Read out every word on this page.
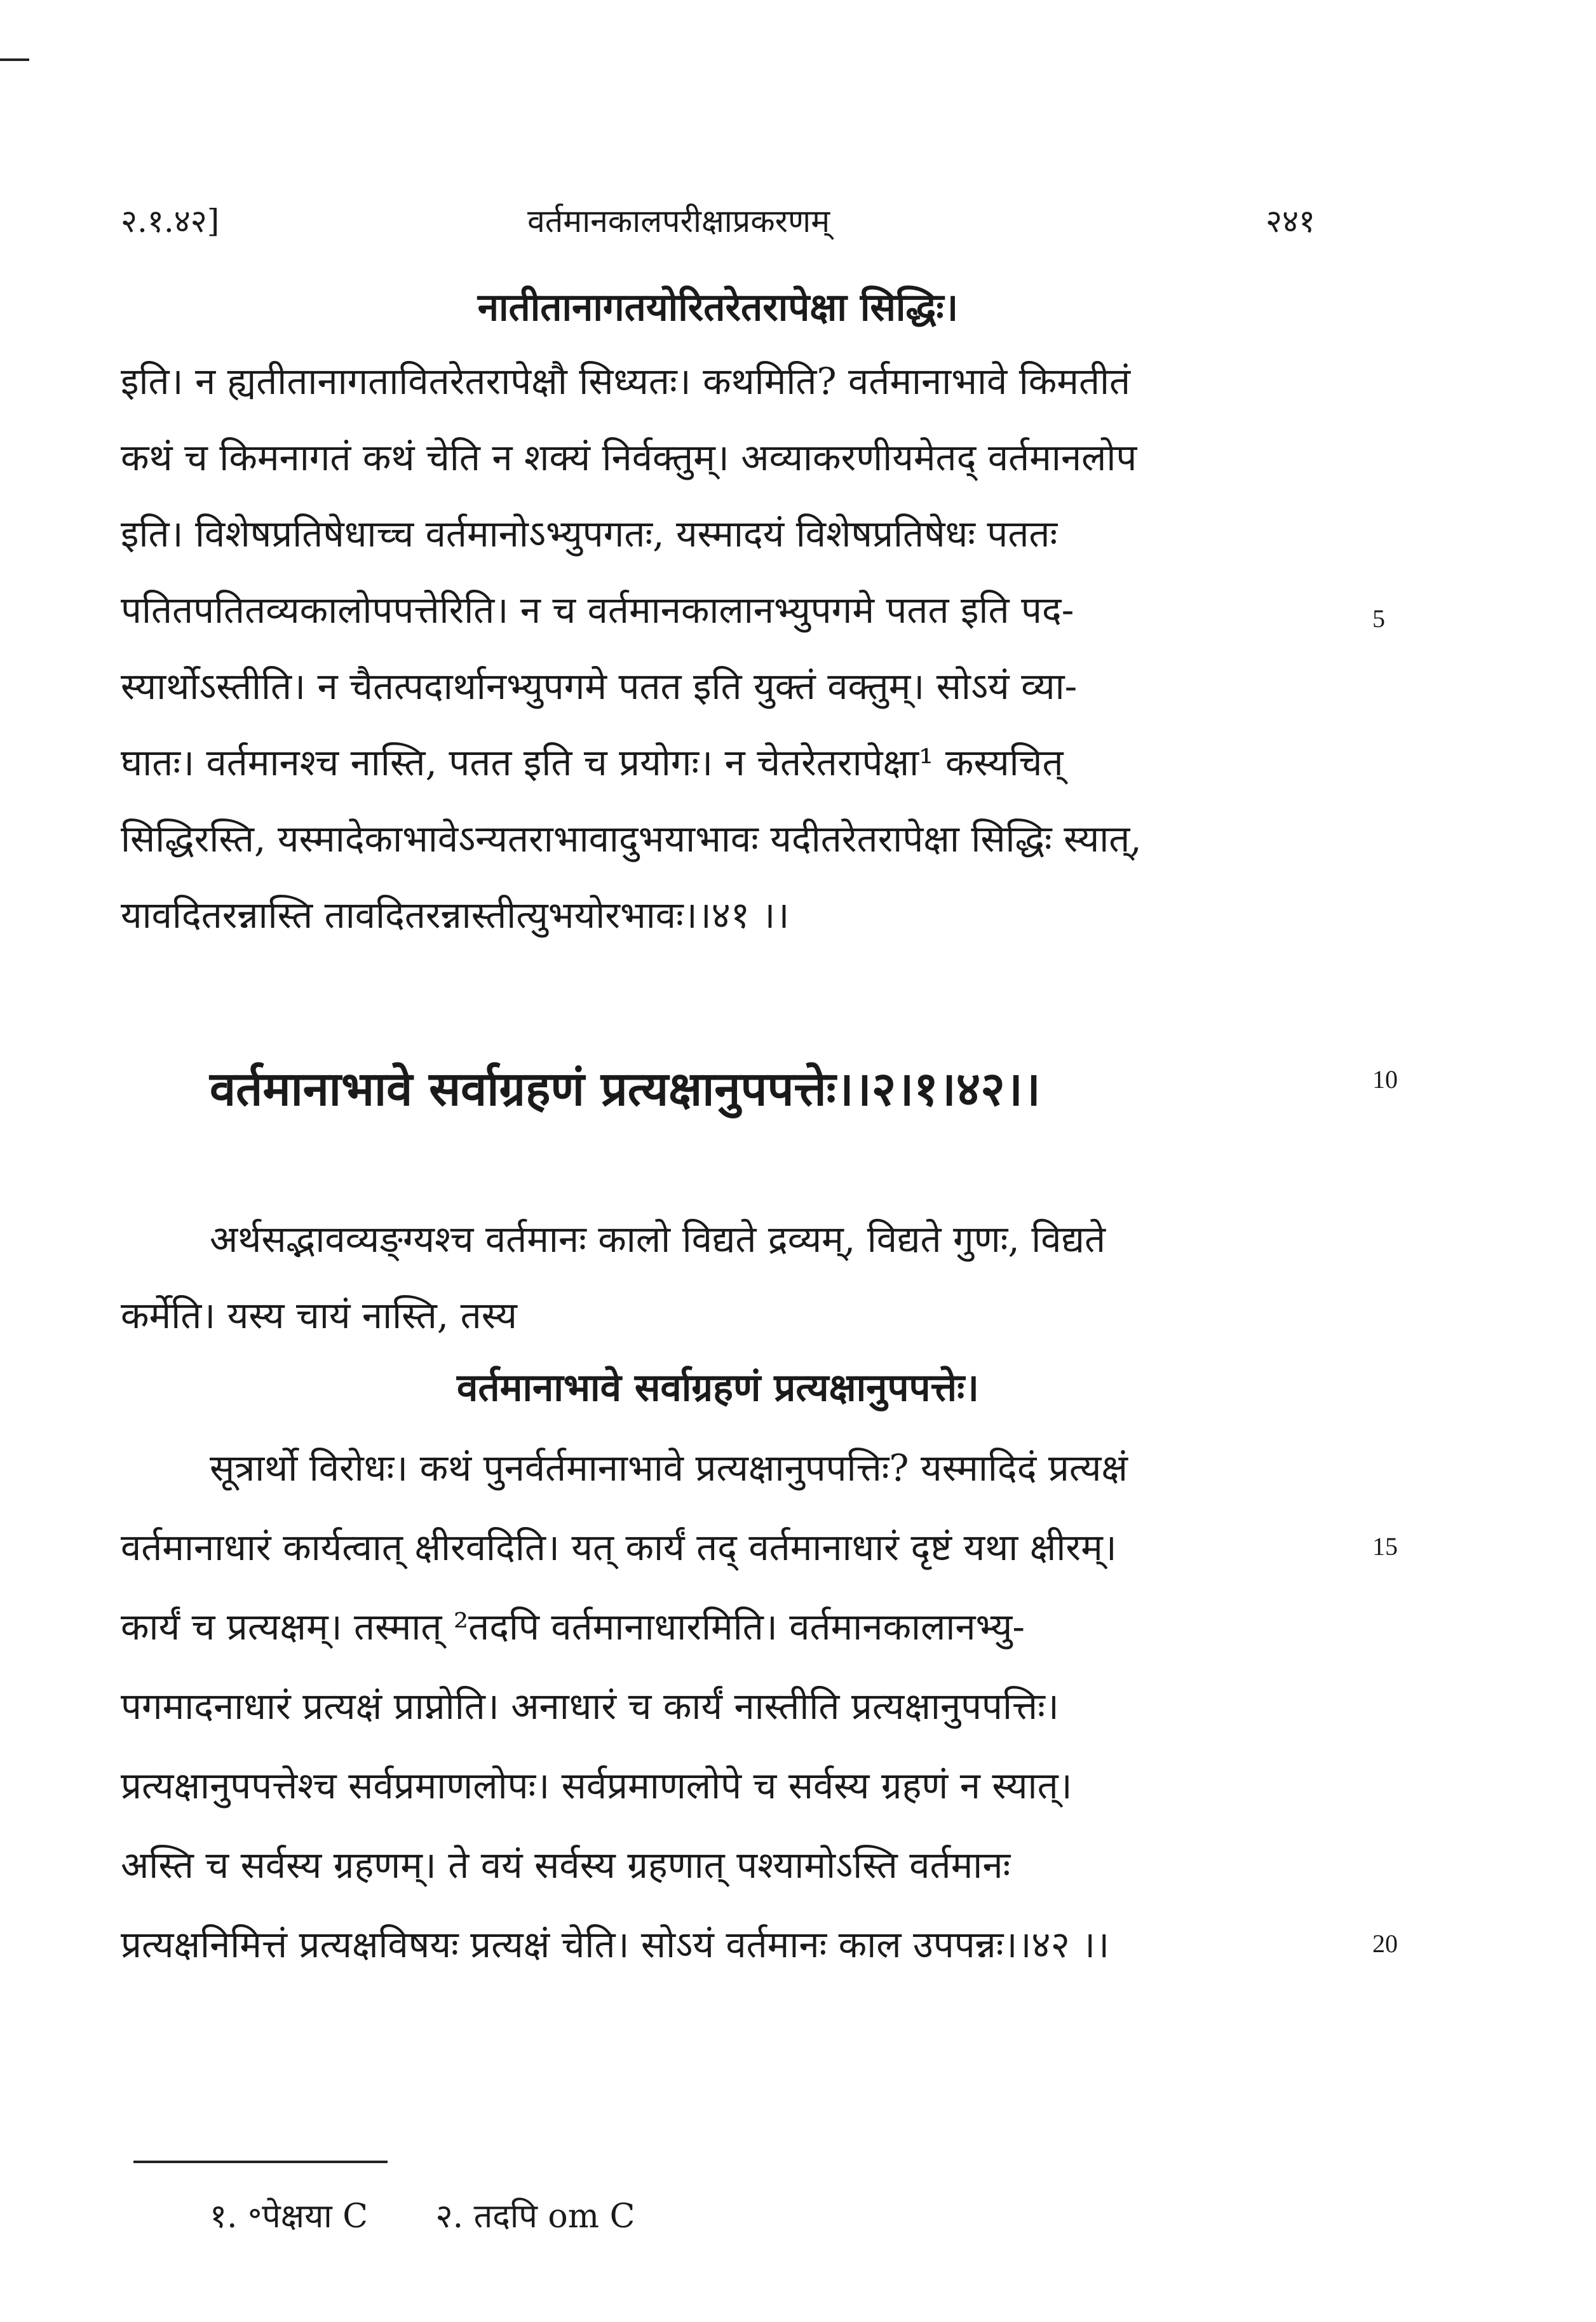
२.१.४२]	वर्तमानकालपरीक्षाप्रकरणम्	२४१
नातीतानागतयोरितरेतरापेक्षा सिद्धिः।
इति। न ह्यतीतानागतावितरेतरापेक्षौ सिध्यतः। कथमिति? वर्तमानाभावे किमतीतं
कथं च किमनागतं कथं चेति न शक्यं निर्वक्तुम्। अव्याकरणीयमेतद् वर्तमानलोप
इति। विशेषप्रतिषेधाच्च वर्तमानोऽभ्युपगतः, यस्मादयं विशेषप्रतिषेधः पततः
पतितपतितव्यकालोपपत्तेरिति। न च वर्तमानकालानभ्युपगमे पतत इति पद-
स्यार्थोऽस्तीति। न चैतत्पदार्थानभ्युपगमे पतत इति युक्तं वक्तुम्। सोऽयं व्या-
घातः। वर्तमानश्च नास्ति, पतत इति च प्रयोगः। न चेतरेतरापेक्षा¹ कस्यचित्
सिद्धिरस्ति, यस्मादेकाभावेऽन्यतराभावादुभयाभावः यदीतरेतरापेक्षा सिद्धिः स्यात्,
यावदितरन्नास्ति तावदितरन्नास्तीत्युभयोरभावः।।४१ ।।
वर्तमानाभावे सर्वाग्रहणं प्रत्यक्षानुपपत्तेः।।२।१।४२।।
अर्थसद्भावव्यङ्ग्यश्च वर्तमानः कालो विद्यते द्रव्यम्, विद्यते गुणः, विद्यते
कर्मेति। यस्य चायं नास्ति, तस्य
वर्तमानाभावे सर्वाग्रहणं प्रत्यक्षानुपपत्तेः।
सूत्रार्थो विरोधः। कथं पुनर्वर्तमानाभावे प्रत्यक्षानुपपत्तिः? यस्मादिदं प्रत्यक्षं
वर्तमानाधारं कार्यत्वात् क्षीरवदिति। यत् कार्यं तद् वर्तमानाधारं दृष्टं यथा क्षीरम्।
कार्यं च प्रत्यक्षम्। तस्मात् ²तदपि वर्तमानाधारमिति। वर्तमानकालानभ्यु-
पगमादनाधारं प्रत्यक्षं प्राप्नोति। अनाधारं च कार्यं नास्तीति प्रत्यक्षानुपपत्तिः।
प्रत्यक्षानुपपत्तेश्च सर्वप्रमाणलोपः। सर्वप्रमाणलोपे च सर्वस्य ग्रहणं न स्यात्।
अस्ति च सर्वस्य ग्रहणम्। ते वयं सर्वस्य ग्रहणात् पश्यामोऽस्ति वर्तमानः
प्रत्यक्षनिमित्तं प्रत्यक्षविषयः प्रत्यक्षं चेति। सोऽयं वर्तमानः काल उपपन्नः।।४२ ।।
5
10
15
20
१. ॰पेक्षया C २. तदपि om C
